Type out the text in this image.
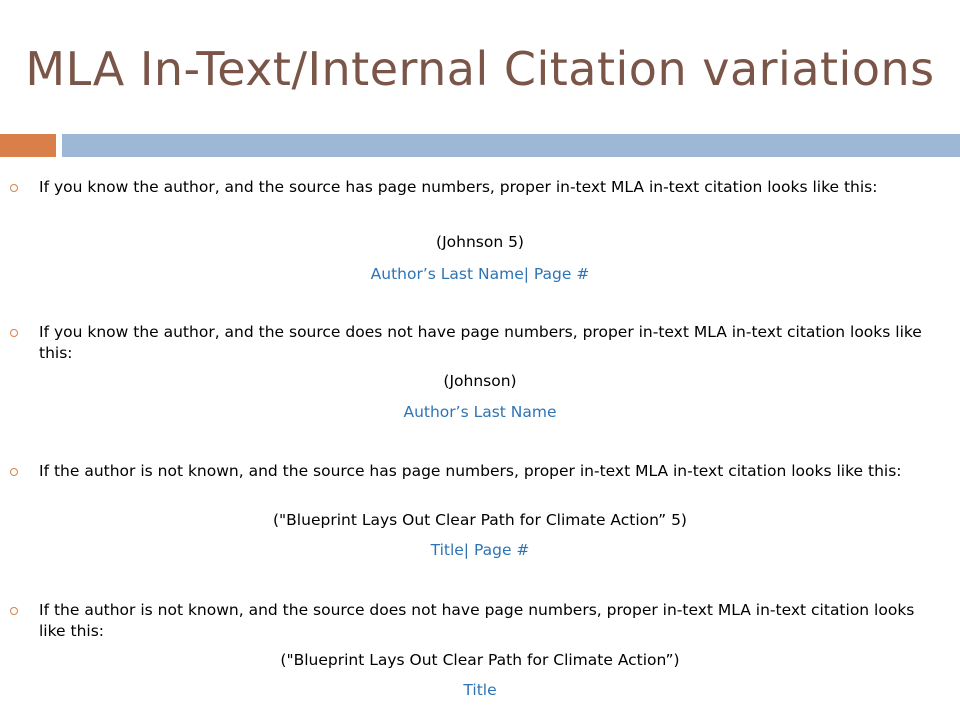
MLA In-Text/Internal Citation variations
If you know the author, and the source has page numbers, proper in-text MLA in-text citation looks like this:
(Johnson 5)
Author’s Last Name| Page #
If you know the author, and the source does not have page numbers, proper in-text MLA in-text citation looks like this:
(Johnson)
Author’s Last Name
If the author is not known, and the source has page numbers, proper in-text MLA in-text citation looks like this:
("Blueprint Lays Out Clear Path for Climate Action” 5)
Title| Page #
If the author is not known, and the source does not have page numbers, proper in-text MLA in-text citation looks like this:
("Blueprint Lays Out Clear Path for Climate Action”)
Title
